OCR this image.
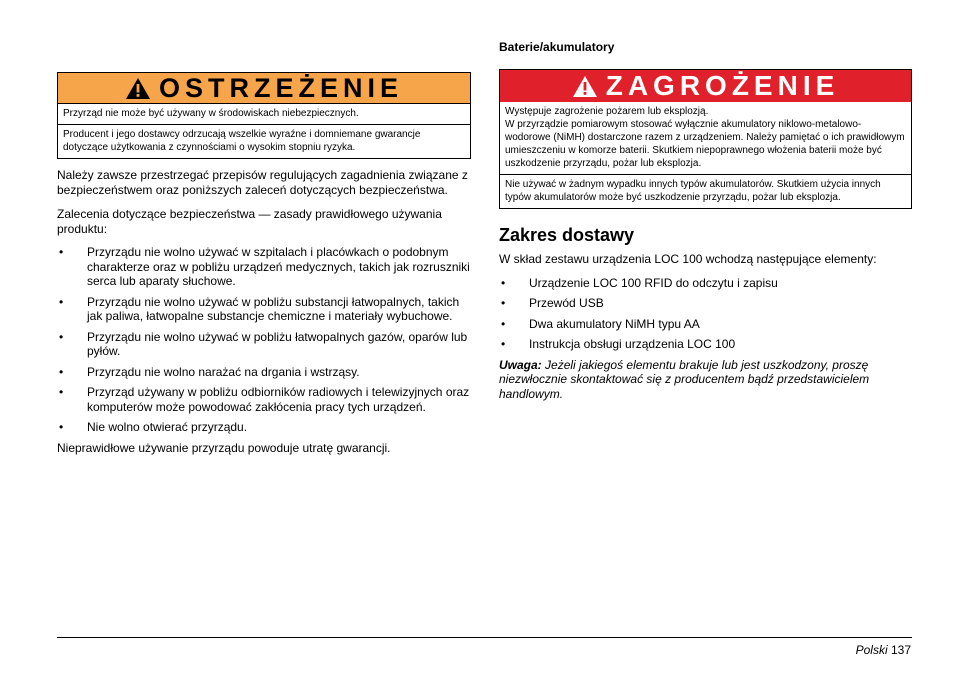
OSTRZEŻENIE

Przyrząd nie może być używany w środowiskach niebezpiecznych.

Producent i jego dostawcy odrzucają wszelkie wyraźne i domniemane gwarancje dotyczące użytkowania z czynnościami o wysokim stopniu ryzyka.

Należy zawsze przestrzegać przepisów regulujących zagadnienia związane z bezpieczeństwem oraz poniższych zaleceń dotyczących bezpieczeństwa.

Zalecenia dotyczące bezpieczeństwa — zasady prawidłowego używania produktu:

• Przyrządu nie wolno używać w szpitalach i placówkach o podobnym charakterze oraz w pobliżu urządzeń medycznych, takich jak rozruszniki serca lub aparaty słuchowe.
• Przyrządu nie wolno używać w pobliżu substancji łatwopalnych, takich jak paliwa, łatwopalne substancje chemiczne i materiały wybuchowe.
• Przyrządu nie wolno używać w pobliżu łatwopalnych gazów, oparów lub pyłów.
• Przyrządu nie wolno narażać na drgania i wstrząsy.
• Przyrząd używany w pobliżu odbiorników radiowych i telewizyjnych oraz komputerów może powodować zakłócenia pracy tych urządzeń.
• Nie wolno otwierać przyrządu.

Nieprawidłowe używanie przyrządu powoduje utratę gwarancji.

Baterie/akumulatory
ZAGROŻENIE

Występuje zagrożenie pożarem lub eksplozją.

W przyrządzie pomiarowym stosować wyłącznie akumulatory niklowo-metalowo-wodorowe (NiMH) dostarczone razem z urządzeniem. Należy pamiętać o ich prawidłowym umieszczeniu w komorze baterii. Skutkiem niepoprawnego włożenia baterii może być uszkodzenie przyrządu, pożar lub eksplozja.

Nie używać w żadnym wypadku innych typów akumulatorów. Skutkiem użycia innych typów akumulatorów może być uszkodzenie przyrządu, pożar lub eksplozja.

Zakres dostawy

W skład zestawu urządzenia LOC 100 wchodzą następujące elementy:

• Urządzenie LOC 100 RFID do odczytu i zapisu
• Przewód USB
• Dwa akumulatory NiMH typu AA
• Instrukcja obsługi urządzenia LOC 100
Uwaga: Jeżeli jakiegoś elementu brakuje lub jest uszkodzony, proszę niezwłocznie skontaktować się z producentem bądź przedstawicielem handlowym.
Polski 137
